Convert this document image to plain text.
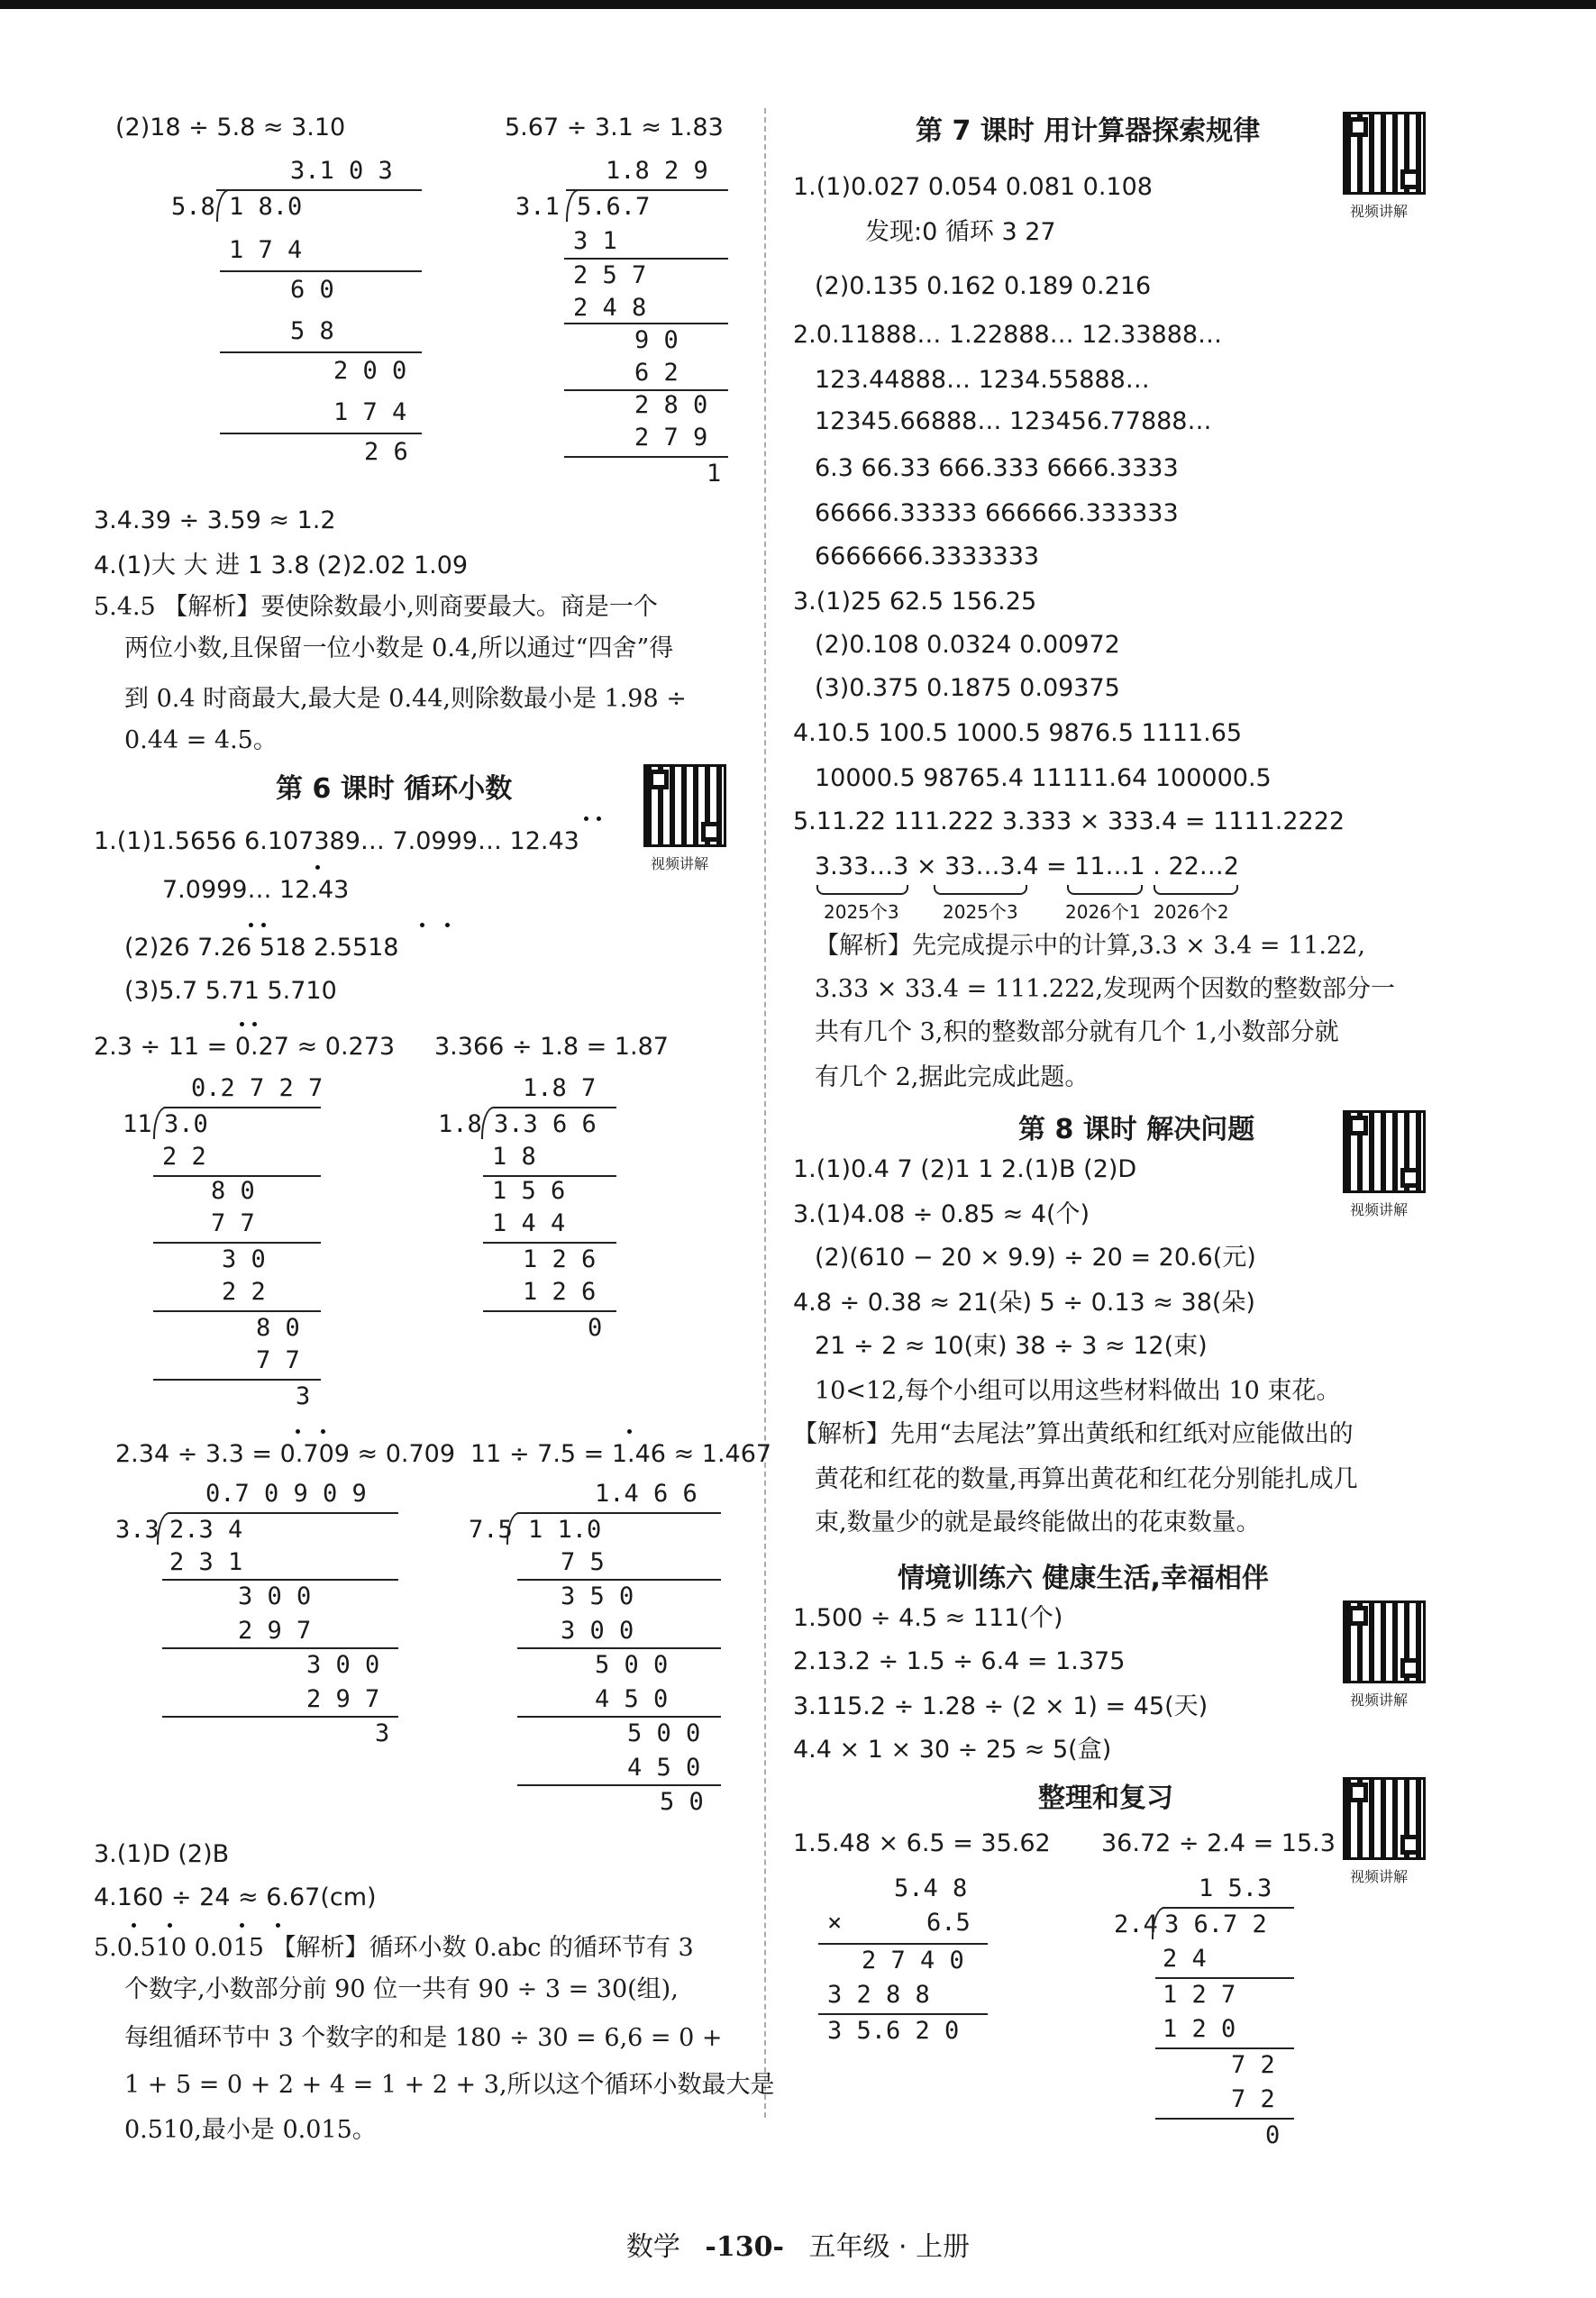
(2)18 ÷ 5.8 ≈ 3.10	5.67 ÷ 3.1 ≈ 1.83
3.1 0 3
5.8 1 8.0
1 7 4
6 0
5 8
2 0 0
1 7 4
2 6
1.8 2 9
3.1 5.6.7
3 1
2 5 7
2 4 8
9 0
6 2
2 8 0
2 7 9
1
3.4.39 ÷ 3.59 ≈ 1.2
4.(1)大 大 进 1 3.8 (2)2.02 1.09
5.4.5 【解析】要使除数最小,则商要最大。商是一个
两位小数,且保留一位小数是 0.4,所以通过“四舍”得
到 0.4 时商最大,最大是 0.44,则除数最小是 1.98 ÷
0.44 = 4.5。
第 6 课时 循环小数
视频讲解
1.(1)1.5656 6.107389… 7.0999… 12.43
7.0999… 12.43
(2)26 7.26 518 2.5518
(3)5.7 5.71 5.710
2.3 ÷ 11 = 0.27 ≈ 0.273 3.366 ÷ 1.8 = 1.87
0.2 7 2 7
11 3.0
2 2
8 0
7 7
3 0
2 2
8 0
7 7
3
1.8 7
1.8 3.3 6 6
1 8
1 5 6
1 4 4
1 2 6
1 2 6
0
2.34 ÷ 3.3 = 0.709 ≈ 0.709 11 ÷ 7.5 = 1.46 ≈ 1.467
0.7 0 9 0 9
3.3 2.3 4
2 3 1
3 0 0
2 9 7
3 0 0
2 9 7
3
1.4 6 6
7.5 1 1.0
7 5
3 5 0
3 0 0
5 0 0
4 5 0
5 0 0
4 5 0
5 0
3.(1)D (2)B
4.160 ÷ 24 ≈ 6.67(cm)
5.0.510 0.015 【解析】循环小数 0.abc 的循环节有 3
个数字,小数部分前 90 位一共有 90 ÷ 3 = 30(组),
每组循环节中 3 个数字的和是 180 ÷ 30 = 6,6 = 0 +
1 + 5 = 0 + 2 + 4 = 1 + 2 + 3,所以这个循环小数最大是
0.510,最小是 0.015。
第 7 课时 用计算器探索规律
视频讲解
1.(1)0.027 0.054 0.081 0.108
发现:0 循环 3 27
(2)0.135 0.162 0.189 0.216
2.0.11888… 1.22888… 12.33888…
123.44888… 1234.55888…
12345.66888… 123456.77888…
6.3 66.33 666.333 6666.3333
66666.33333 666666.333333
6666666.3333333
3.(1)25 62.5 156.25
(2)0.108 0.0324 0.00972
(3)0.375 0.1875 0.09375
4.10.5 100.5 1000.5 9876.5 1111.65
10000.5 98765.4 11111.64 100000.5
5.11.22 111.222 3.333 × 333.4 = 1111.2222
3.33…3 × 33…3.4 = 11…1 . 22…2
2025个3 2025个3	2026个1 2026个2
【解析】先完成提示中的计算,3.3 × 3.4 = 11.22,
3.33 × 33.4 = 111.222,发现两个因数的整数部分一
共有几个 3,积的整数部分就有几个 1,小数部分就
有几个 2,据此完成此题。
第 8 课时 解决问题
视频讲解
1.(1)0.4 7 (2)1 1 2.(1)B (2)D
3.(1)4.08 ÷ 0.85 ≈ 4(个)
(2)(610 − 20 × 9.9) ÷ 20 = 20.6(元)
4.8 ÷ 0.38 ≈ 21(朵) 5 ÷ 0.13 ≈ 38(朵)
21 ÷ 2 ≈ 10(束) 38 ÷ 3 ≈ 12(束)
10<12,每个小组可以用这些材料做出 10 束花。
【解析】先用“去尾法”算出黄纸和红纸对应能做出的
黄花和红花的数量,再算出黄花和红花分别能扎成几
束,数量少的就是最终能做出的花束数量。
情境训练六 健康生活,幸福相伴
视频讲解
1.500 ÷ 4.5 ≈ 111(个)
2.13.2 ÷ 1.5 ÷ 6.4 = 1.375
3.115.2 ÷ 1.28 ÷ (2 × 1) = 45(天)
4.4 × 1 × 30 ÷ 25 ≈ 5(盒)
整理和复习
视频讲解
1.5.48 × 6.5 = 35.62 36.72 ÷ 2.4 = 15.3
5.4 8
×	6.5
2 7 4 0
3 2 8 8
3 5.6 2 0
1 5.3
2.4 3 6.7 2
2 4
1 2 7
1 2 0
7 2
7 2
0
数学 -130- 五年级 · 上册
